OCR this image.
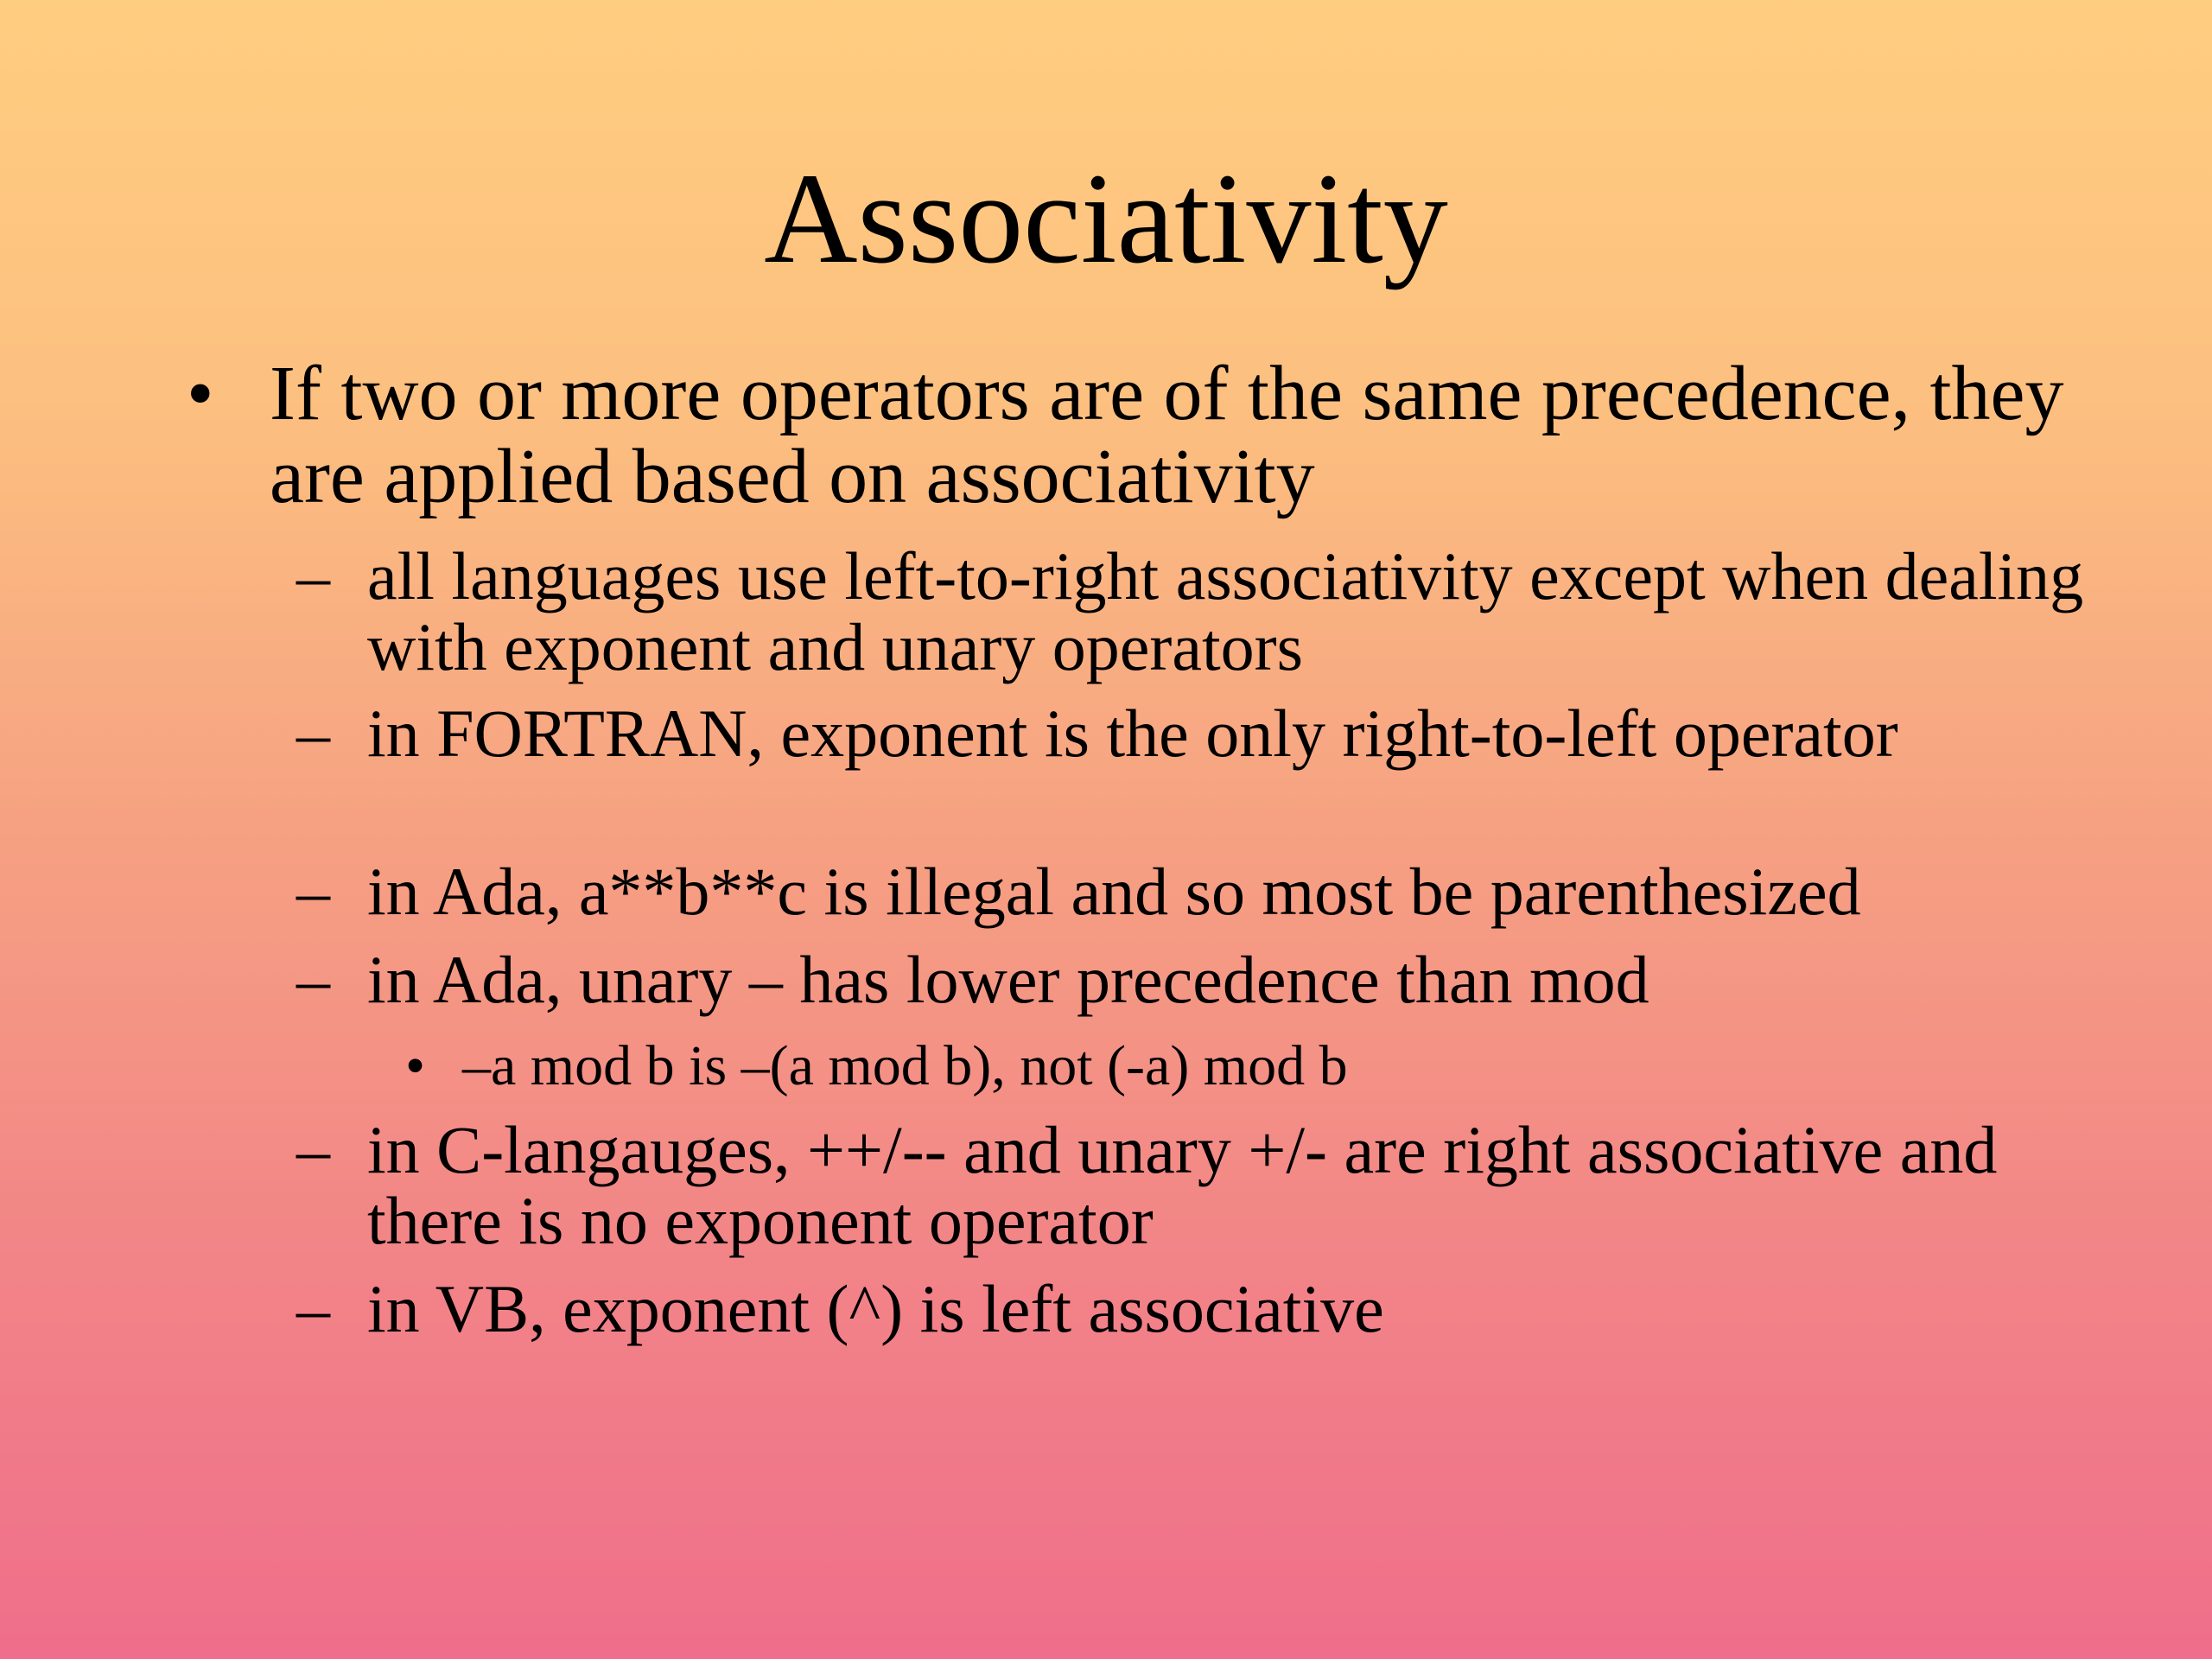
Associativity

• If two or more operators are of the same precedence, they are applied based on associativity

– all languages use left-to-right associativity except when dealing with exponent and unary operators

– in FORTRAN, exponent is the only right-to-left operator

– in Ada, a**b**c is illegal and so most be parenthesized

– in Ada, unary – has lower precedence than mod

• –a mod b is –(a mod b), not (-a) mod b

– in C-langauges, ++/-- and unary +/- are right associative and there is no exponent operator

– in VB, exponent (^) is left associative
